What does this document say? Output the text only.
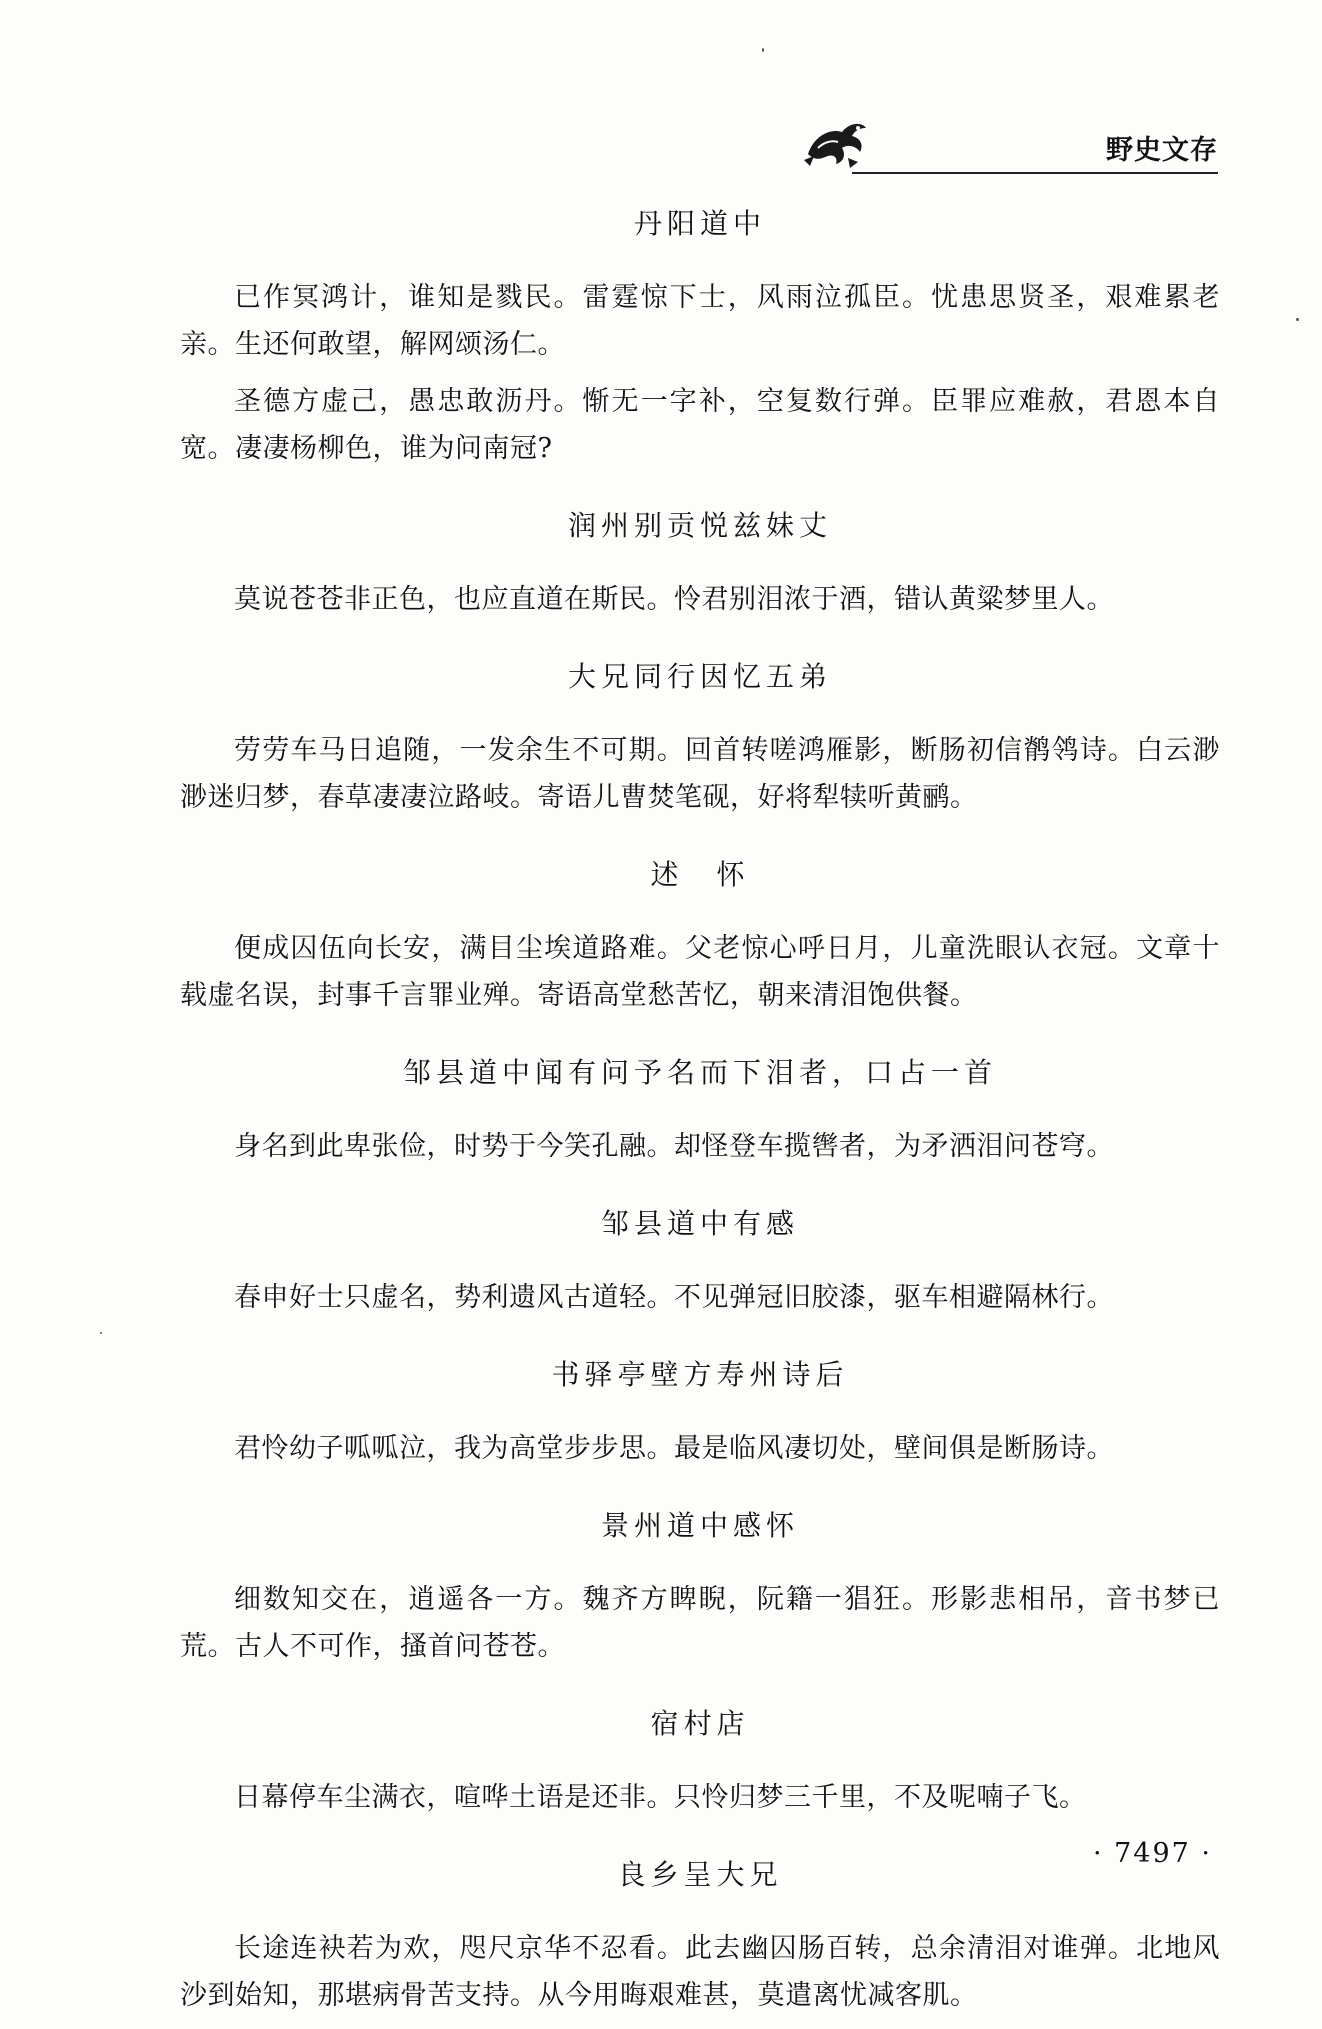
野史文存
丹阳道中

已作冥鸿计，谁知是戮民。雷霆惊下士，风雨泣孤臣。忧患思贤圣，艰难累老亲。生还何敢望，解网颂汤仁。

圣德方虚己，愚忠敢沥丹。惭无一字补，空复数行弹。臣罪应难赦，君恩本自宽。凄凄杨柳色，谁为问南冠?

润州别贡悦兹妹丈

莫说苍苍非正色，也应直道在斯民。怜君别泪浓于酒，错认黄粱梦里人。

大兄同行因忆五弟

劳劳车马日追随，一发余生不可期。回首转嗟鸿雁影，断肠初信鹡鸰诗。白云渺渺迷归梦，春草凄凄泣路岐。寄语儿曹焚笔砚，好将犁犊听黄鹂。

述　怀

便成囚伍向长安，满目尘埃道路难。父老惊心呼日月，儿童洗眼认衣冠。文章十载虚名误，封事千言罪业殚。寄语高堂愁苦忆，朝来清泪饱供餐。

邹县道中闻有问予名而下泪者，口占一首

身名到此卑张俭，时势于今笑孔融。却怪登车揽辔者，为矛洒泪问苍穹。

邹县道中有感

春申好士只虚名，势利遗风古道轻。不见弹冠旧胶漆，驱车相避隔林行。

书驿亭壁方寿州诗后

君怜幼子呱呱泣，我为高堂步步思。最是临风凄切处，壁间俱是断肠诗。

景州道中感怀

细数知交在，逍遥各一方。魏齐方睥睨，阮籍一猖狂。形影悲相吊，音书梦已荒。古人不可作，搔首问苍苍。

宿村店

日幕停车尘满衣，喧哗土语是还非。只怜归梦三千里，不及呢喃子飞。

良乡呈大兄

长途连袂若为欢，咫尺京华不忍看。此去幽囚肠百转，总余清泪对谁弹。北地风沙到始知，那堪病骨苦支持。从今用晦艰难甚，莫遣离忧减客肌。

· 7497 ·
